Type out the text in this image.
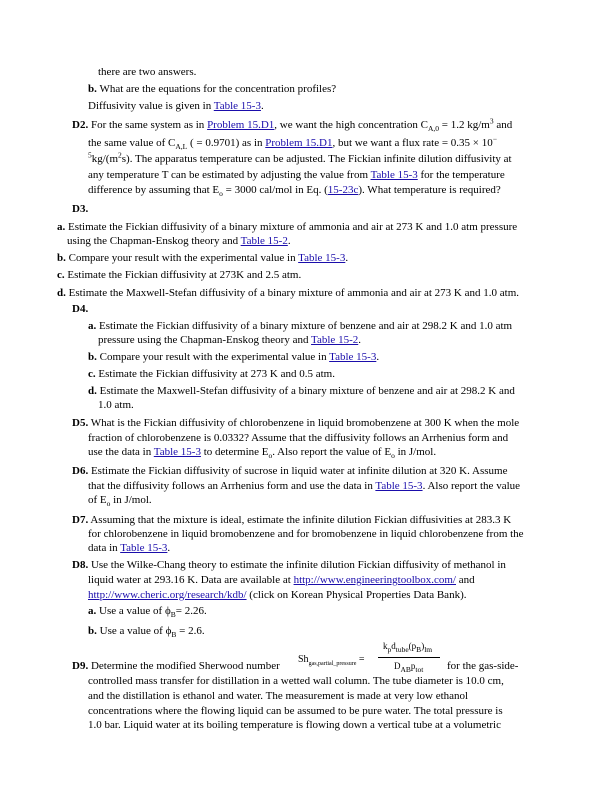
there are two answers.
b. What are the equations for the concentration profiles?
Diffusivity value is given in Table 15-3.
D2. For the same system as in Problem 15.D1, we want the high concentration $C_{A,0} = 1.2$ $kg/m^3$ and
the same value of $C_{A,L}$ ( = 0.9701) as in Problem 15.D1, but we want a flux rate = 0.35 × 10−
$^5kg/(m^2s)$. The apparatus temperature can be adjusted. The Fickian infinite dilution diffusivity at
any temperature T can be estimated by adjusting the value from Table 15-3 for the temperature
difference by assuming that $E_o = 3000$ cal/mol in Eq. (15-23c). What temperature is required?
D3.
a. Estimate the Fickian diffusivity of a binary mixture of ammonia and air at 273 K and 1.0 atm pressure
using the Chapman-Enskog theory and Table 15-2.
b. Compare your result with the experimental value in Table 15-3.
c. Estimate the Fickian diffusivity at 273K and 2.5 atm.
d. Estimate the Maxwell-Stefan diffusivity of a binary mixture of ammonia and air at 273 K and 1.0 atm.
D4.
a. Estimate the Fickian diffusivity of a binary mixture of benzene and air at 298.2 K and 1.0 atm
pressure using the Chapman-Enskog theory and Table 15-2.
b. Compare your result with the experimental value in Table 15-3.
c. Estimate the Fickian diffusivity at 273 K and 0.5 atm.
d. Estimate the Maxwell-Stefan diffusivity of a binary mixture of benzene and air at 298.2 K and
1.0 atm.
D5. What is the Fickian diffusivity of chlorobenzene in liquid bromobenzene at 300 K when the mole
fraction of chlorobenzene is 0.0332? Assume that the diffusivity follows an Arrhenius form and
use the data in Table 15-3 to determine $E_o$. Also report the value of $E_o$ in J/mol.
D6. Estimate the Fickian diffusivity of sucrose in liquid water at infinite dilution at 320 K. Assume
that the diffusivity follows an Arrhenius form and use the data in Table 15-3. Also report the value
of $E_o$ in J/mol.
D7. Assuming that the mixture is ideal, estimate the infinite dilution Fickian diffusivities at 283.3 K
for chlorobenzene in liquid bromobenzene and for bromobenzene in liquid chlorobenzene from the
data in Table 15-3.
D8. Use the Wilke-Chang theory to estimate the infinite dilution Fickian diffusivity of methanol in
liquid water at 293.16 K. Data are available at http://www.engineeringtoolbox.com/ and
http://www.cheric.org/research/kdb/ (click on Korean Physical Properties Data Bank).
a. Use a value of $\phi_B= 2.26$.
b. Use a value of $\phi_B = 2.6$.
D9. Determine the modified Sherwood number
$Sh_{gas,partial\_pressure}$ =
$k_pd_{tube}(p_B)_{lm}$
$D_{AB}p_{tot}$ for the gas-side-
controlled mass transfer for distillation in a wetted wall column. The tube diameter is 10.0 cm,
and the distillation is ethanol and water. The measurement is made at very low ethanol
concentrations where the flowing liquid can be assumed to be pure water. The total pressure is
1.0 bar. Liquid water at its boiling temperature is flowing down a vertical tube at a volumetric
